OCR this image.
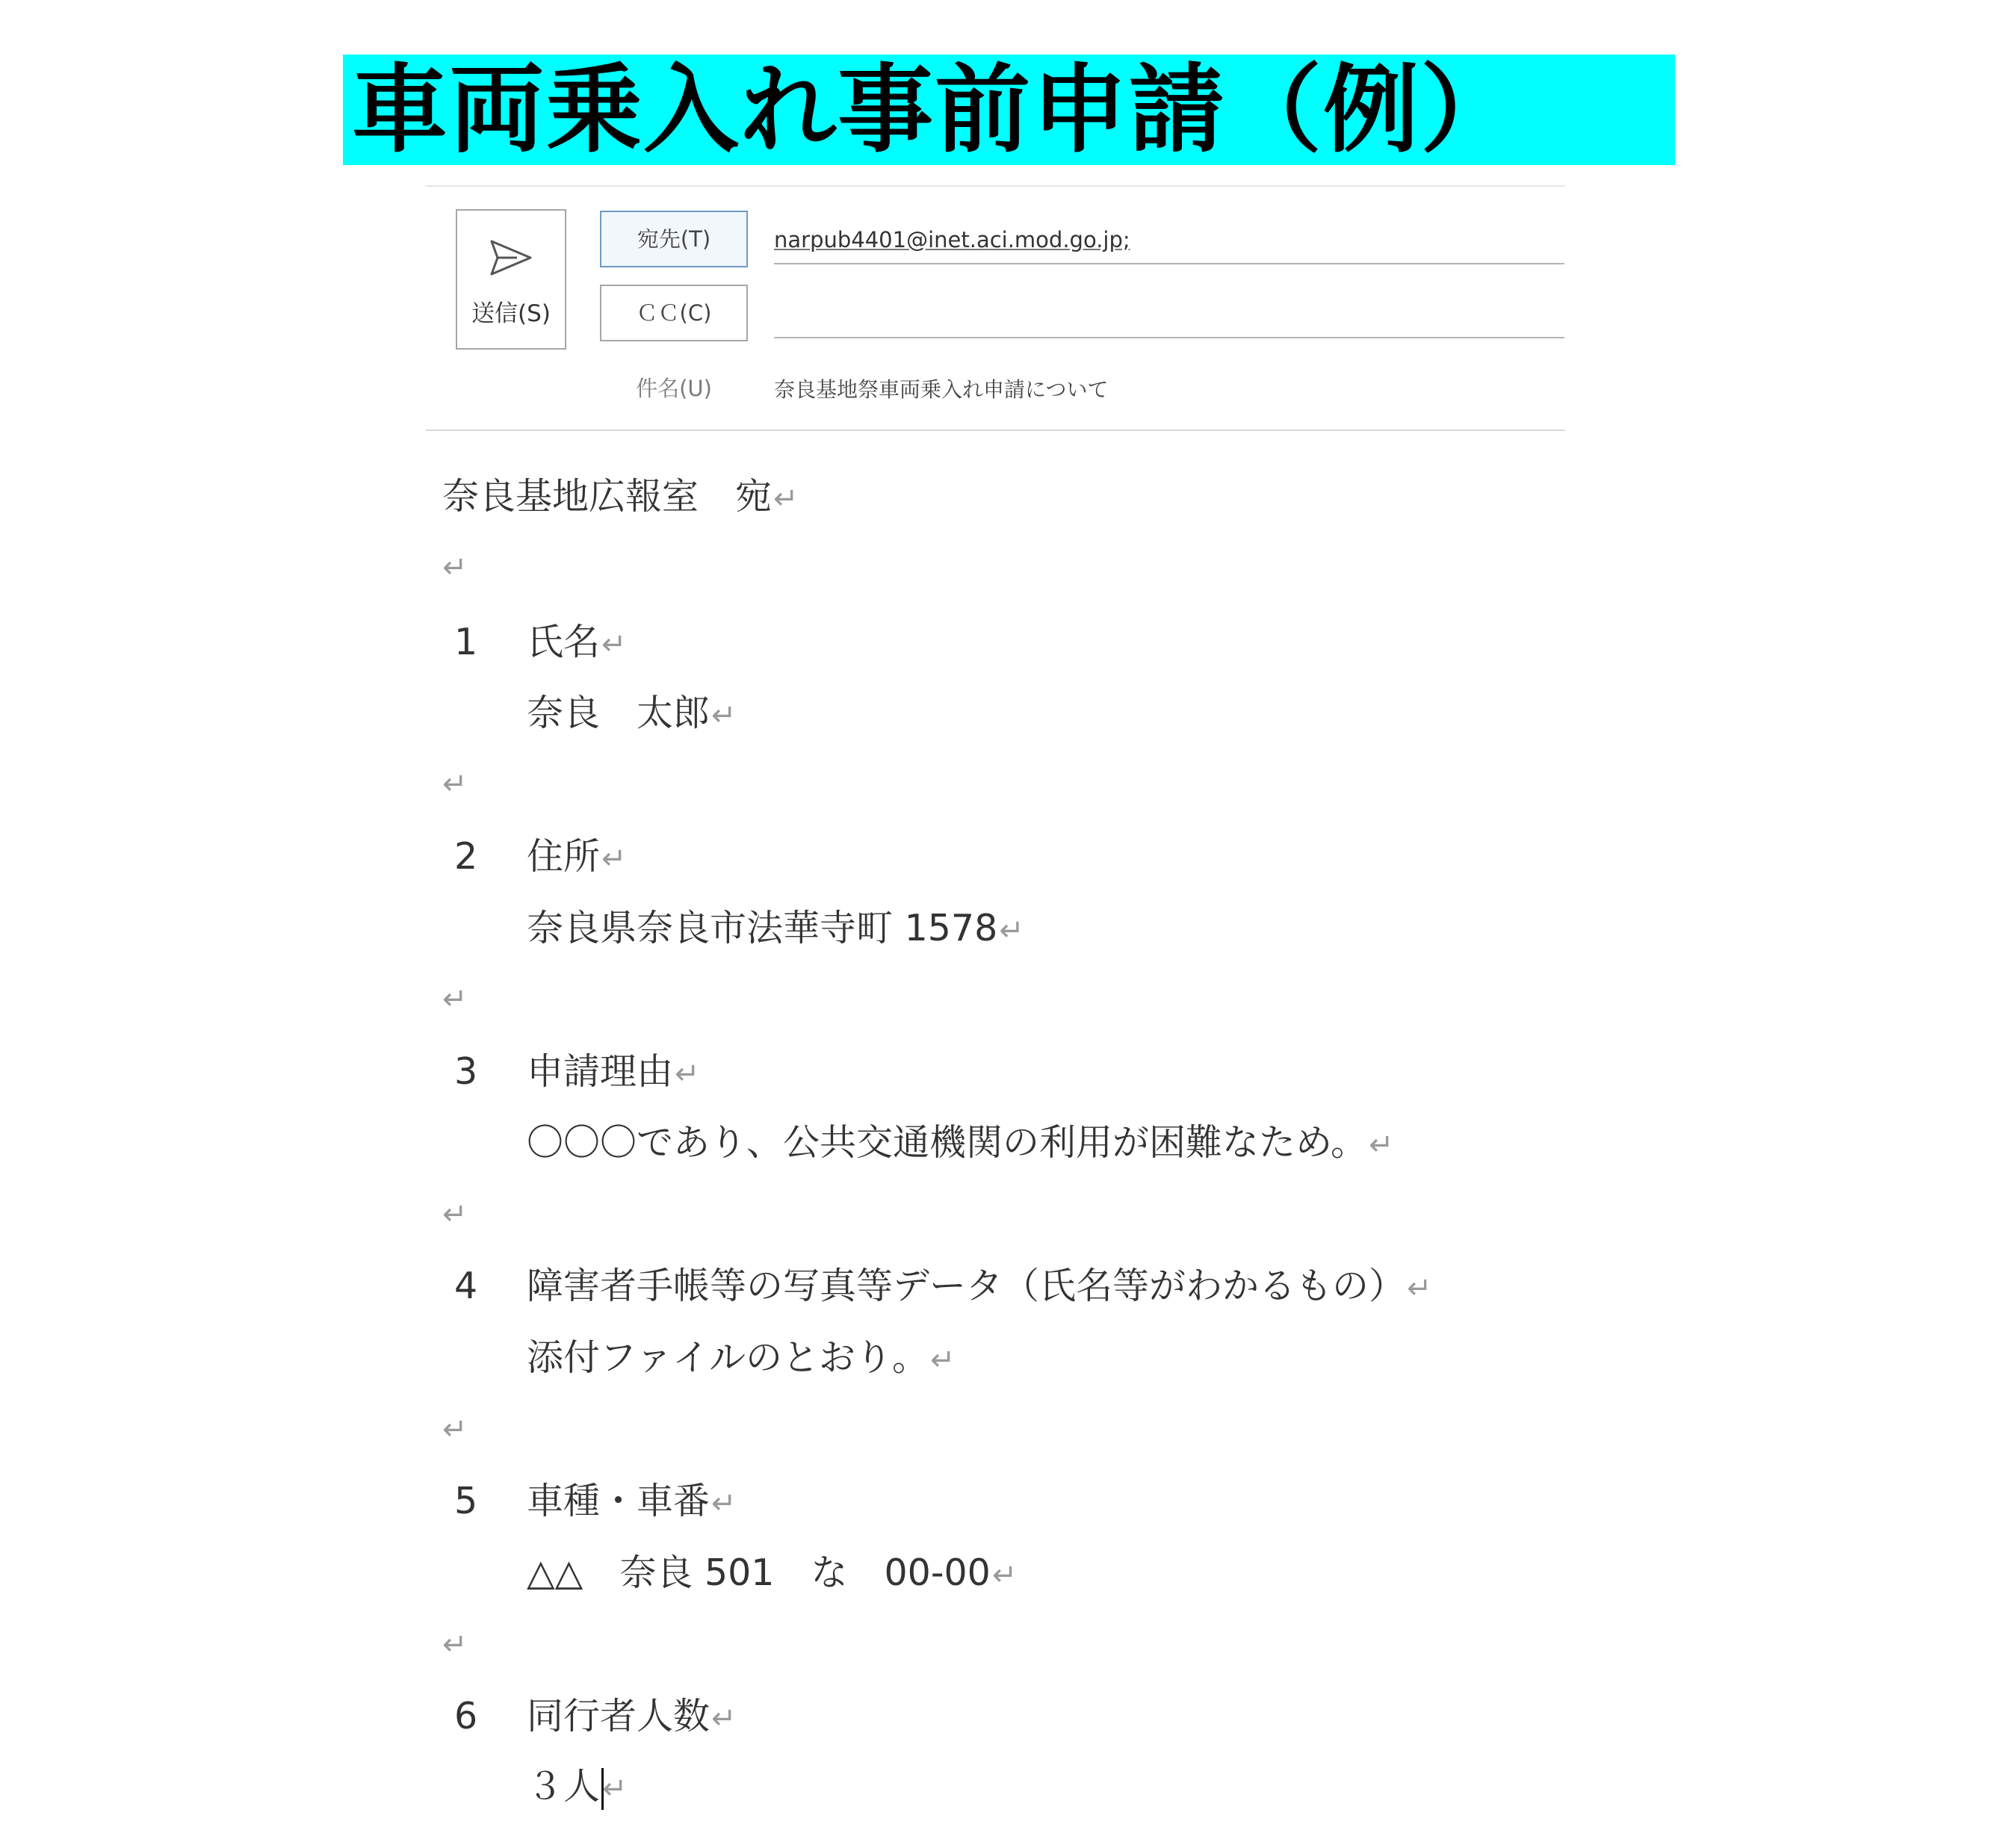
車両乗入れ事前申請（例）
送信(S)
宛先(T)	narpub4401@inet.aci.mod.go.jp;
ＣＣ(C)
件名(U)	奈良基地祭車両乗入れ申請について
奈良基地広報室　宛↵
↵
1 氏名↵
奈良　太郎↵
↵
2 住所↵
奈良県奈良市法華寺町 1578↵
↵
3 申請理由↵
〇〇〇であり、公共交通機関の利用が困難なため。↵
↵
4 障害者手帳等の写真等データ（氏名等がわかるもの）↵
添付ファイルのとおり。↵
↵
5 車種・車番↵
△△　奈良 501　な　00-00↵
↵
6 同行者人数↵
３人↵
